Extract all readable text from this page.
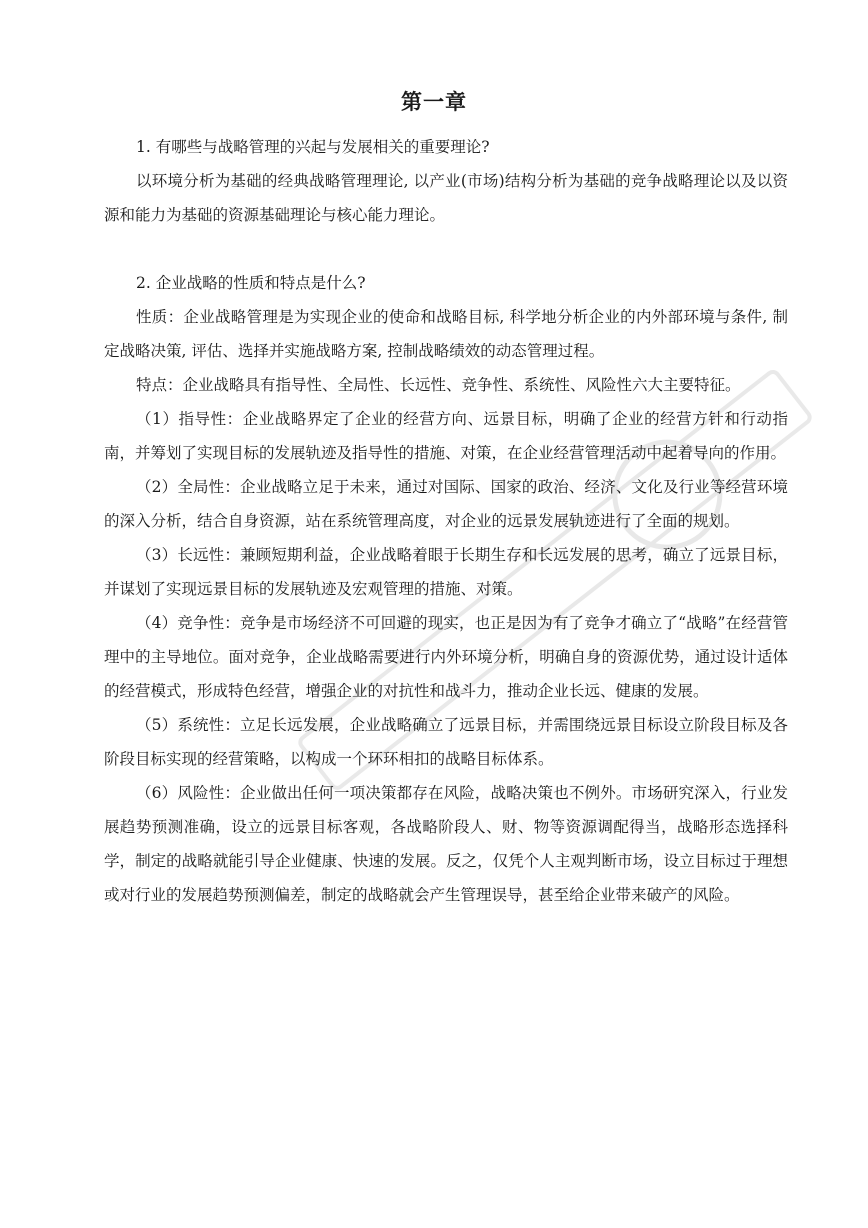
第一章

1. 有哪些与战略管理的兴起与发展相关的重要理论?

以环境分析为基础的经典战略管理理论, 以产业(市场)结构分析为基础的竞争战略理论以及以资源和能力为基础的资源基础理论与核心能力理论。

2. 企业战略的性质和特点是什么?

性质：企业战略管理是为实现企业的使命和战略目标, 科学地分析企业的内外部环境与条件, 制定战略决策, 评估、选择并实施战略方案, 控制战略绩效的动态管理过程。

特点：企业战略具有指导性、全局性、长远性、竞争性、系统性、风险性六大主要特征。

（1）指导性：企业战略界定了企业的经营方向、远景目标，明确了企业的经营方针和行动指南，并筹划了实现目标的发展轨迹及指导性的措施、对策，在企业经营管理活动中起着导向的作用。

（2）全局性：企业战略立足于未来，通过对国际、国家的政治、经济、文化及行业等经营环境的深入分析，结合自身资源，站在系统管理高度，对企业的远景发展轨迹进行了全面的规划。

（3）长远性：兼顾短期利益，企业战略着眼于长期生存和长远发展的思考，确立了远景目标，并谋划了实现远景目标的发展轨迹及宏观管理的措施、对策。

（4）竞争性：竞争是市场经济不可回避的现实，也正是因为有了竞争才确立了“战略”在经营管理中的主导地位。面对竞争，企业战略需要进行内外环境分析，明确自身的资源优势，通过设计适体的经营模式，形成特色经营，增强企业的对抗性和战斗力，推动企业长远、健康的发展。

（5）系统性：立足长远发展，企业战略确立了远景目标，并需围绕远景目标设立阶段目标及各阶段目标实现的经营策略，以构成一个环环相扣的战略目标体系。

（6）风险性：企业做出任何一项决策都存在风险，战略决策也不例外。市场研究深入，行业发展趋势预测准确，设立的远景目标客观，各战略阶段人、财、物等资源调配得当，战略形态选择科学，制定的战略就能引导企业健康、快速的发展。反之，仅凭个人主观判断市场，设立目标过于理想或对行业的发展趋势预测偏差，制定的战略就会产生管理误导，甚至给企业带来破产的风险。
